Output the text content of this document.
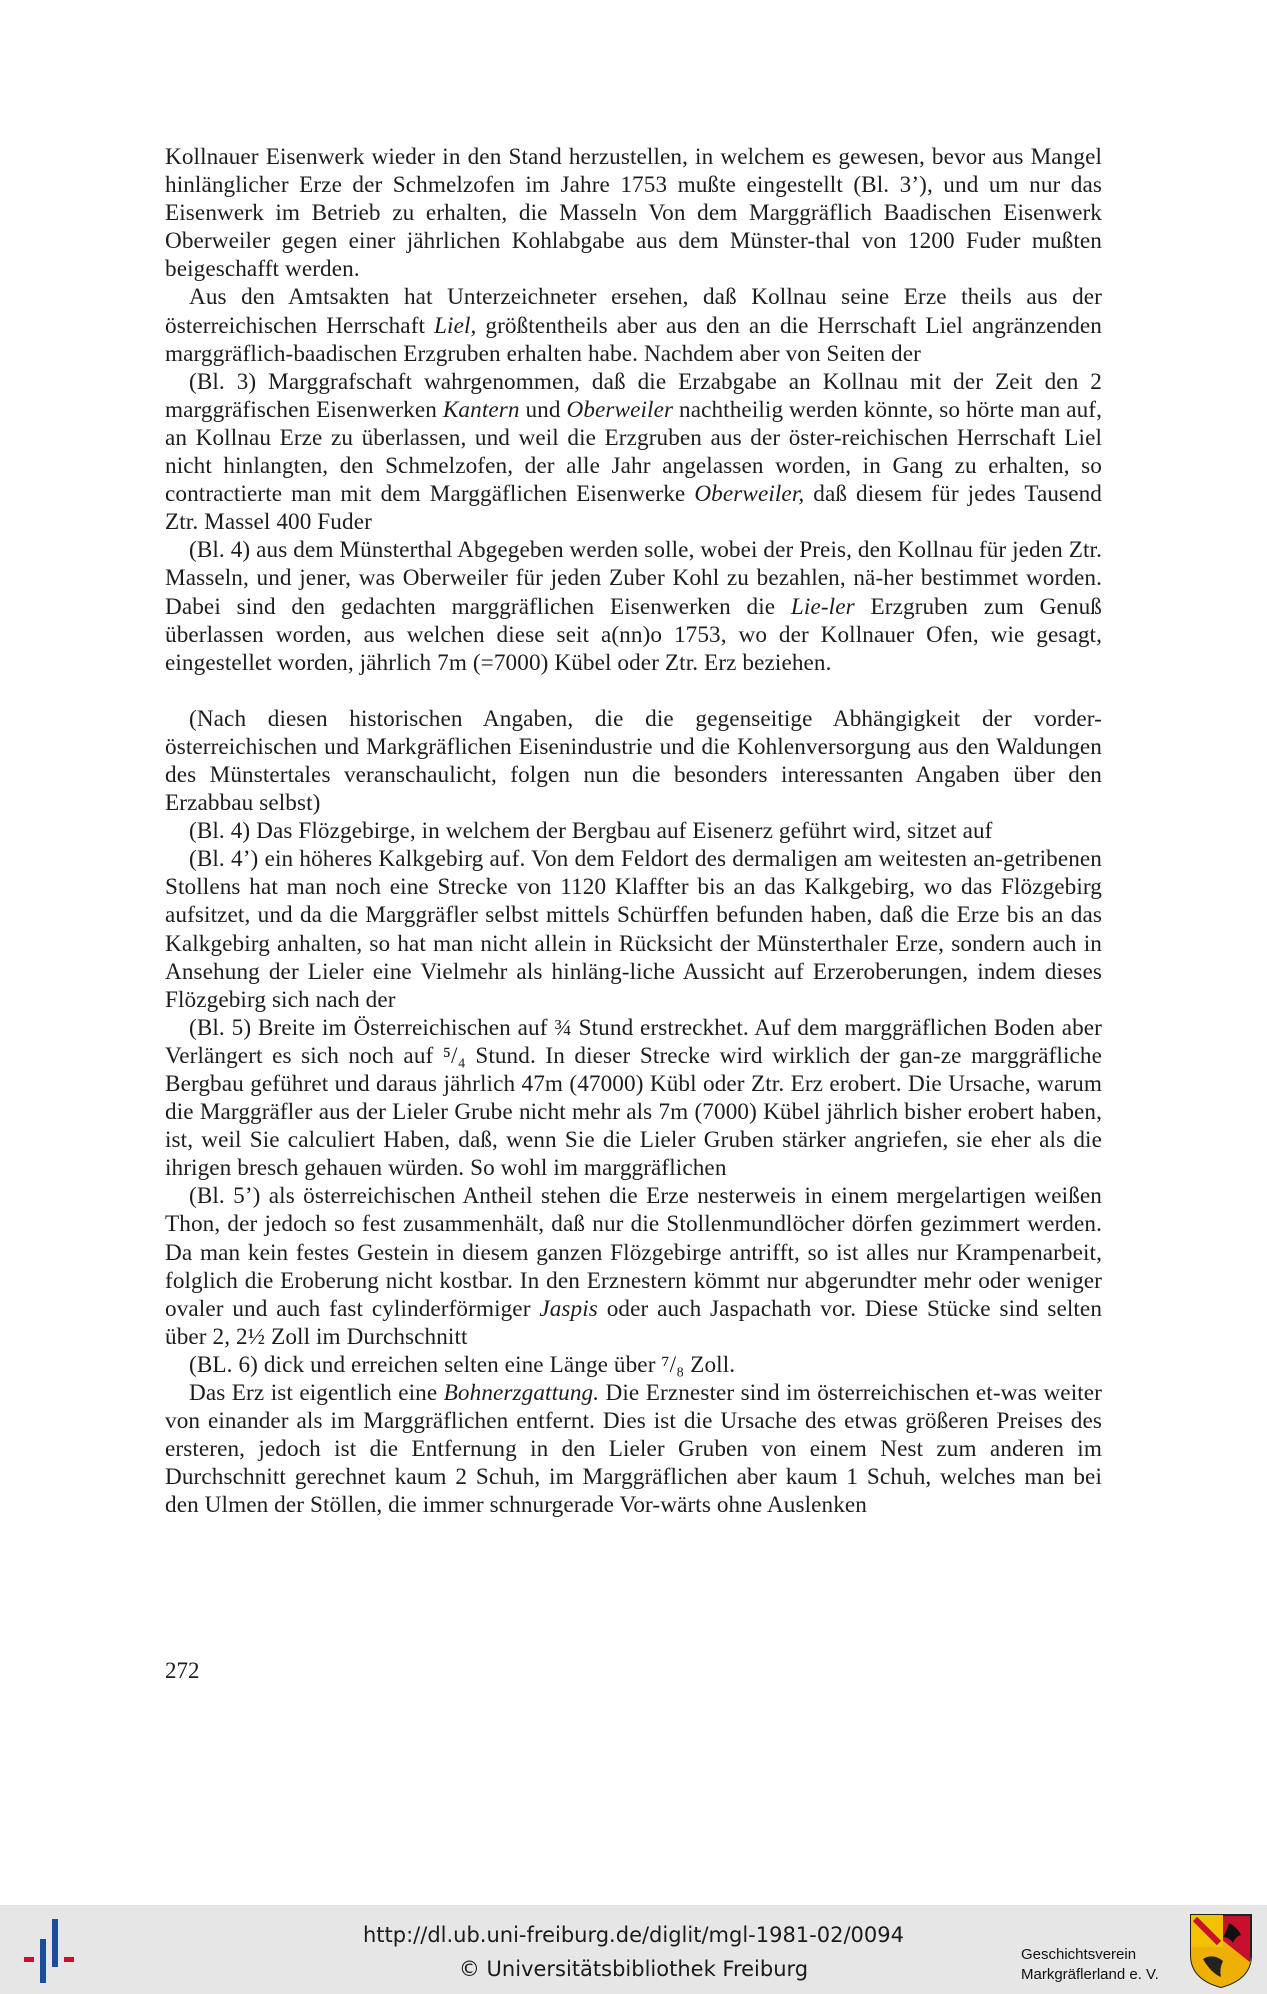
Kollnauer Eisenwerk wieder in den Stand herzustellen, in welchem es gewesen, bevor aus Mangel hinlänglicher Erze der Schmelzofen im Jahre 1753 mußte eingestellt (Bl. 3’), und um nur das Eisenwerk im Betrieb zu erhalten, die Masseln Von dem Marggräflich Baadischen Eisenwerk Oberweiler gegen einer jährlichen Kohlabgabe aus dem Münster-thal von 1200 Fuder mußten beigeschafft werden.

Aus den Amtsakten hat Unterzeichneter ersehen, daß Kollnau seine Erze theils aus der österreichischen Herrschaft Liel, größtentheils aber aus den an die Herrschaft Liel angränzenden marggräflich-baadischen Erzgruben erhalten habe. Nachdem aber von Seiten der

(Bl. 3) Marggrafschaft wahrgenommen, daß die Erzabgabe an Kollnau mit der Zeit den 2 marggräfischen Eisenwerken Kantern und Oberweiler nachtheilig werden könnte, so hörte man auf, an Kollnau Erze zu überlassen, und weil die Erzgruben aus der öster-reichischen Herrschaft Liel nicht hinlangten, den Schmelzofen, der alle Jahr angelassen worden, in Gang zu erhalten, so contractierte man mit dem Marggäflichen Eisenwerke Oberweiler, daß diesem für jedes Tausend Ztr. Massel 400 Fuder

(Bl. 4) aus dem Münsterthal Abgegeben werden solle, wobei der Preis, den Kollnau für jeden Ztr. Masseln, und jener, was Oberweiler für jeden Zuber Kohl zu bezahlen, nä-her bestimmet worden. Dabei sind den gedachten marggräflichen Eisenwerken die Lie-ler Erzgruben zum Genuß überlassen worden, aus welchen diese seit a(nn)o 1753, wo der Kollnauer Ofen, wie gesagt, eingestellet worden, jährlich 7m (=7000) Kübel oder Ztr. Erz beziehen.

(Nach diesen historischen Angaben, die die gegenseitige Abhängigkeit der vorder-österreichischen und Markgräflichen Eisenindustrie und die Kohlenversorgung aus den Waldungen des Münstertales veranschaulicht, folgen nun die besonders interessanten Angaben über den Erzabbau selbst)

(Bl. 4) Das Flözgebirge, in welchem der Bergbau auf Eisenerz geführt wird, sitzet auf

(Bl. 4’) ein höheres Kalkgebirg auf. Von dem Feldort des dermaligen am weitesten an-getribenen Stollens hat man noch eine Strecke von 1120 Klaffter bis an das Kalkgebirg, wo das Flözgebirg aufsitzet, und da die Marggräfler selbst mittels Schürffen befunden haben, daß die Erze bis an das Kalkgebirg anhalten, so hat man nicht allein in Rücksicht der Münsterthaler Erze, sondern auch in Ansehung der Lieler eine Vielmehr als hinläng-liche Aussicht auf Erzeroberungen, indem dieses Flözgebirg sich nach der

(Bl. 5) Breite im Österreichischen auf ¾ Stund erstreckhet. Auf dem marggräflichen Boden aber Verlängert es sich noch auf ⁵/₄ Stund. In dieser Strecke wird wirklich der gan-ze marggräfliche Bergbau geführet und daraus jährlich 47m (47000) Kübl oder Ztr. Erz erobert. Die Ursache, warum die Marggräfler aus der Lieler Grube nicht mehr als 7m (7000) Kübel jährlich bisher erobert haben, ist, weil Sie calculiert Haben, daß, wenn Sie die Lieler Gruben stärker angriefen, sie eher als die ihrigen bresch gehauen würden. So wohl im marggräflichen

(Bl. 5’) als österreichischen Antheil stehen die Erze nesterweis in einem mergelartigen weißen Thon, der jedoch so fest zusammenhält, daß nur die Stollenmundlöcher dörfen gezimmert werden. Da man kein festes Gestein in diesem ganzen Flözgebirge antrifft, so ist alles nur Krampenarbeit, folglich die Eroberung nicht kostbar. In den Erznestern kömmt nur abgerundter mehr oder weniger ovaler und auch fast cylinderförmiger Jaspis oder auch Jaspachath vor. Diese Stücke sind selten über 2, 2½ Zoll im Durchschnitt

(BL. 6) dick und erreichen selten eine Länge über ⁷/₈ Zoll.

Das Erz ist eigentlich eine Bohnerzgattung. Die Erznester sind im österreichischen et-was weiter von einander als im Marggräflichen entfernt. Dies ist die Ursache des etwas größeren Preises des ersteren, jedoch ist die Entfernung in den Lieler Gruben von einem Nest zum anderen im Durchschnitt gerechnet kaum 2 Schuh, im Marggräflichen aber kaum 1 Schuh, welches man bei den Ulmen der Stöllen, die immer schnurgerade Vor-wärts ohne Auslenken

272
http://dl.ub.uni-freiburg.de/diglit/mgl-1981-02/0094
© Universitätsbibliothek Freiburg
Geschichtsverein
Markgräflerland e. V.
